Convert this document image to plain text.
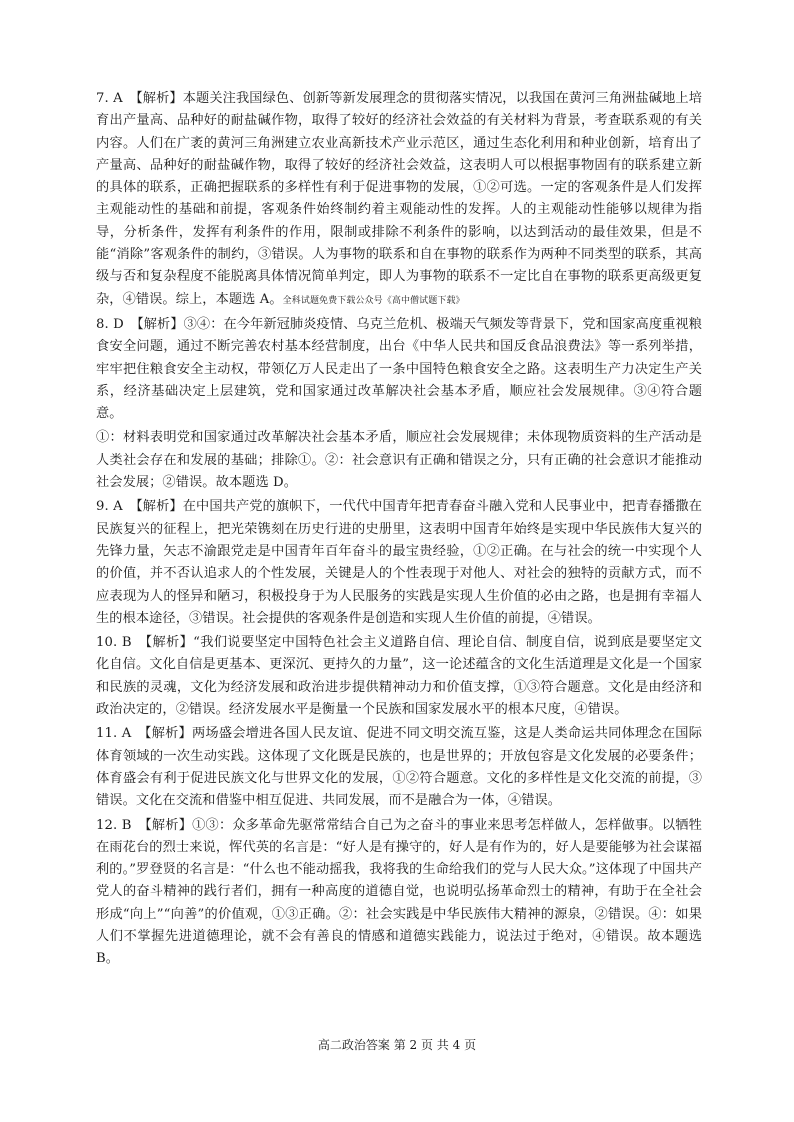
7. A　【解析】本题关注我国绿色、创新等新发展理念的贯彻落实情况，以我国在黄河三角洲盐碱地上培育出产量高、品种好的耐盐碱作物，取得了较好的经济社会效益的有关材料为背景，考查联系观的有关内容。人们在广袤的黄河三角洲建立农业高新技术产业示范区，通过生态化利用和种业创新，培育出了产量高、品种好的耐盐碱作物，取得了较好的经济社会效益，这表明人可以根据事物固有的联系建立新的具体的联系，正确把握联系的多样性有利于促进事物的发展，①②可选。一定的客观条件是人们发挥主观能动性的基础和前提，客观条件始终制约着主观能动性的发挥。人的主观能动性能够以规律为指导，分析条件，发挥有利条件的作用，限制或排除不利条件的影响，以达到活动的最佳效果，但是不能“消除”客观条件的制约，③错误。人为事物的联系和自在事物的联系作为两种不同类型的联系，其高级与否和复杂程度不能脱离具体情况简单判定，即人为事物的联系不一定比自在事物的联系更高级更复杂，④错误。综上，本题选 A。全科试题免费下载公众号《高中僧试题下载》

8. D　【解析】③④：在今年新冠肺炎疫情、乌克兰危机、极端天气频发等背景下，党和国家高度重视粮食安全问题，通过不断完善农村基本经营制度，出台《中华人民共和国反食品浪费法》等一系列举措，牢牢把住粮食安全主动权，带领亿万人民走出了一条中国特色粮食安全之路。这表明生产力决定生产关系，经济基础决定上层建筑，党和国家通过改革解决社会基本矛盾，顺应社会发展规律。③④符合题意。

①：材料表明党和国家通过改革解决社会基本矛盾，顺应社会发展规律；未体现物质资料的生产活动是人类社会存在和发展的基础；排除①。②：社会意识有正确和错误之分，只有正确的社会意识才能推动社会发展；②错误。故本题选 D。

9. A　【解析】在中国共产党的旗帜下，一代代中国青年把青春奋斗融入党和人民事业中，把青春播撒在民族复兴的征程上，把光荣镌刻在历史行进的史册里，这表明中国青年始终是实现中华民族伟大复兴的先锋力量，矢志不渝跟党走是中国青年百年奋斗的最宝贵经验，①②正确。在与社会的统一中实现个人的价值，并不否认追求人的个性发展，关键是人的个性表现于对他人、对社会的独特的贡献方式，而不应表现为人的怪异和陋习，积极投身于为人民服务的实践是实现人生价值的必由之路，也是拥有幸福人生的根本途径，③错误。社会提供的客观条件是创造和实现人生价值的前提，④错误。

10. B　【解析】“我们说要坚定中国特色社会主义道路自信、理论自信、制度自信，说到底是要坚定文化自信。文化自信是更基本、更深沉、更持久的力量”，这一论述蕴含的文化生活道理是文化是一个国家和民族的灵魂，文化为经济发展和政治进步提供精神动力和价值支撑，①③符合题意。文化是由经济和政治决定的，②错误。经济发展水平是衡量一个民族和国家发展水平的根本尺度，④错误。

11. A　【解析】两场盛会增进各国人民友谊、促进不同文明交流互鉴，这是人类命运共同体理念在国际体育领域的一次生动实践。这体现了文化既是民族的，也是世界的；开放包容是文化发展的必要条件；体育盛会有利于促进民族文化与世界文化的发展，①②符合题意。文化的多样性是文化交流的前提，③错误。文化在交流和借鉴中相互促进、共同发展，而不是融合为一体，④错误。

12. B　【解析】①③：众多革命先驱常常结合自己为之奋斗的事业来思考怎样做人，怎样做事。以牺牲在雨花台的烈士来说，恽代英的名言是：“好人是有操守的，好人是有作为的，好人是要能够为社会谋福利的。”罗登贤的名言是：“什么也不能动摇我，我将我的生命给我们的党与人民大众。”这体现了中国共产党人的奋斗精神的践行者们，拥有一种高度的道德自觉，也说明弘扬革命烈士的精神，有助于在全社会形成“向上”“向善”的价值观，①③正确。②：社会实践是中华民族伟大精神的源泉，②错误。④：如果人们不掌握先进道德理论，就不会有善良的情感和道德实践能力，说法过于绝对，④错误。故本题选 B。

高二政治答案 第 2 页 共 4 页
